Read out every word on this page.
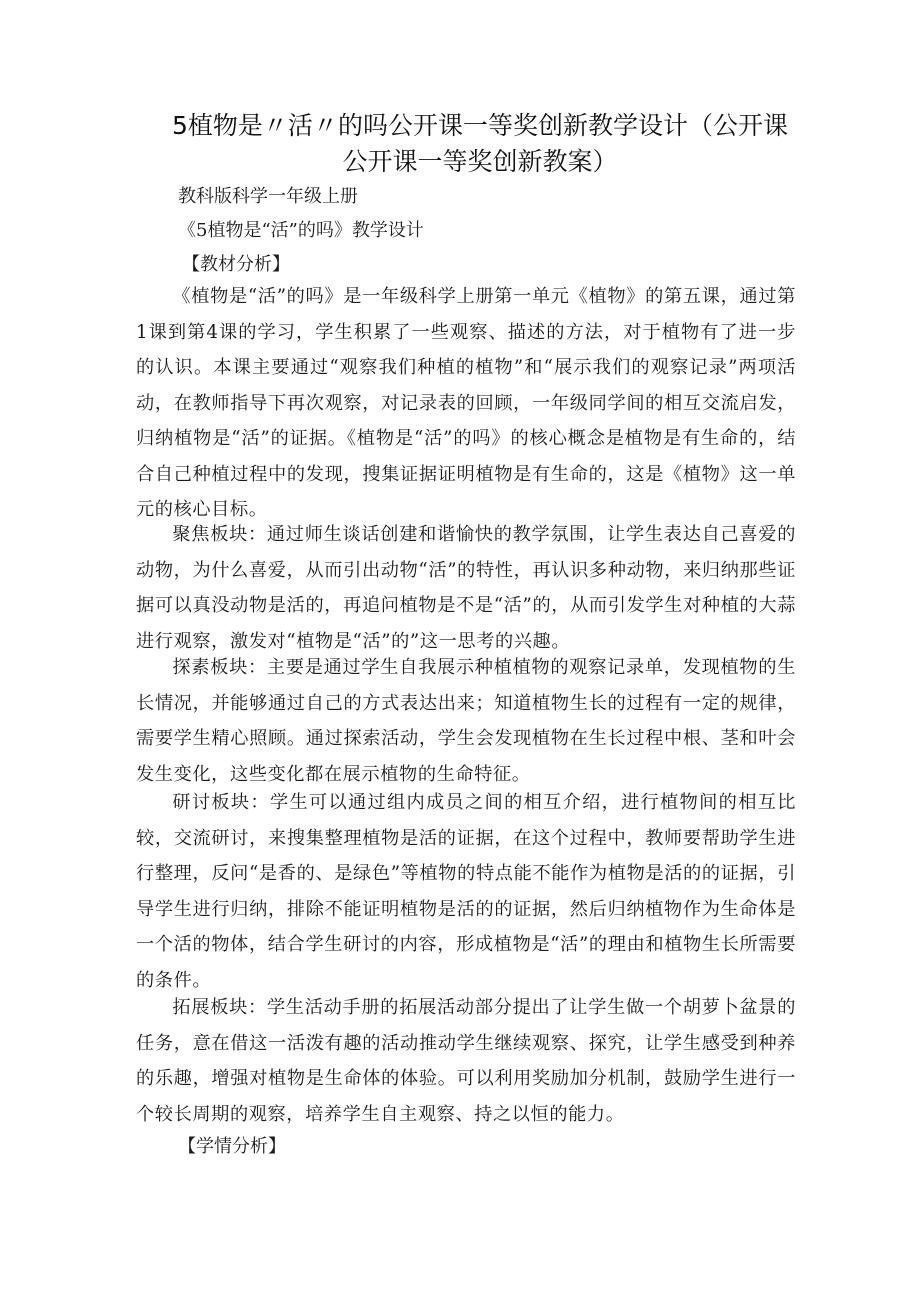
5植物是〃活〃的吗公开课一等奖创新教学设计（公开课公开课一等奖创新教案）
教科版科学一年级上册
《5植物是“活”的吗》教学设计
【教材分析】

《植物是“活”的吗》是一年级科学上册第一单元《植物》的第五课，通过第1课到第4课的学习，学生积累了一些观察、描述的方法，对于植物有了进一步的认识。本课主要通过“观察我们种植的植物”和“展示我们的观察记录”两项活动，在教师指导下再次观察，对记录表的回顾，一年级同学间的相互交流启发，归纳植物是“活”的证据。《植物是“活”的吗》的核心概念是植物是有生命的，结合自己种植过程中的发现，搜集证据证明植物是有生命的，这是《植物》这一单元的核心目标。

聚焦板块：通过师生谈话创建和谐愉快的教学氛围，让学生表达自己喜爱的动物，为什么喜爱，从而引出动物“活”的特性，再认识多种动物，来归纳那些证据可以真没动物是活的，再追问植物是不是“活”的，从而引发学生对种植的大蒜进行观察，激发对“植物是“活”的”这一思考的兴趣。

探素板块：主要是通过学生自我展示种植植物的观察记录单，发现植物的生长情况，并能够通过自己的方式表达出来；知道植物生长的过程有一定的规律，需要学生精心照顾。通过探索活动，学生会发现植物在生长过程中根、茎和叶会发生变化，这些变化都在展示植物的生命特征。

研讨板块：学生可以通过组内成员之间的相互介绍，进行植物间的相互比较，交流研讨，来搜集整理植物是活的证据，在这个过程中，教师要帮助学生进行整理，反问“是香的、是绿色”等植物的特点能不能作为植物是活的的证据，引导学生进行归纳，排除不能证明植物是活的的证据，然后归纳植物作为生命体是一个活的物体，结合学生研讨的内容，形成植物是“活”的理由和植物生长所需要的条件。

拓展板块：学生活动手册的拓展活动部分提出了让学生做一个胡萝卜盆景的任务，意在借这一活泼有趣的活动推动学生继续观察、探究，让学生感受到种养的乐趣，增强对植物是生命体的体验。可以利用奖励加分机制，鼓励学生进行一个较长周期的观察，培养学生自主观察、持之以恒的能力。

【学情分析】
